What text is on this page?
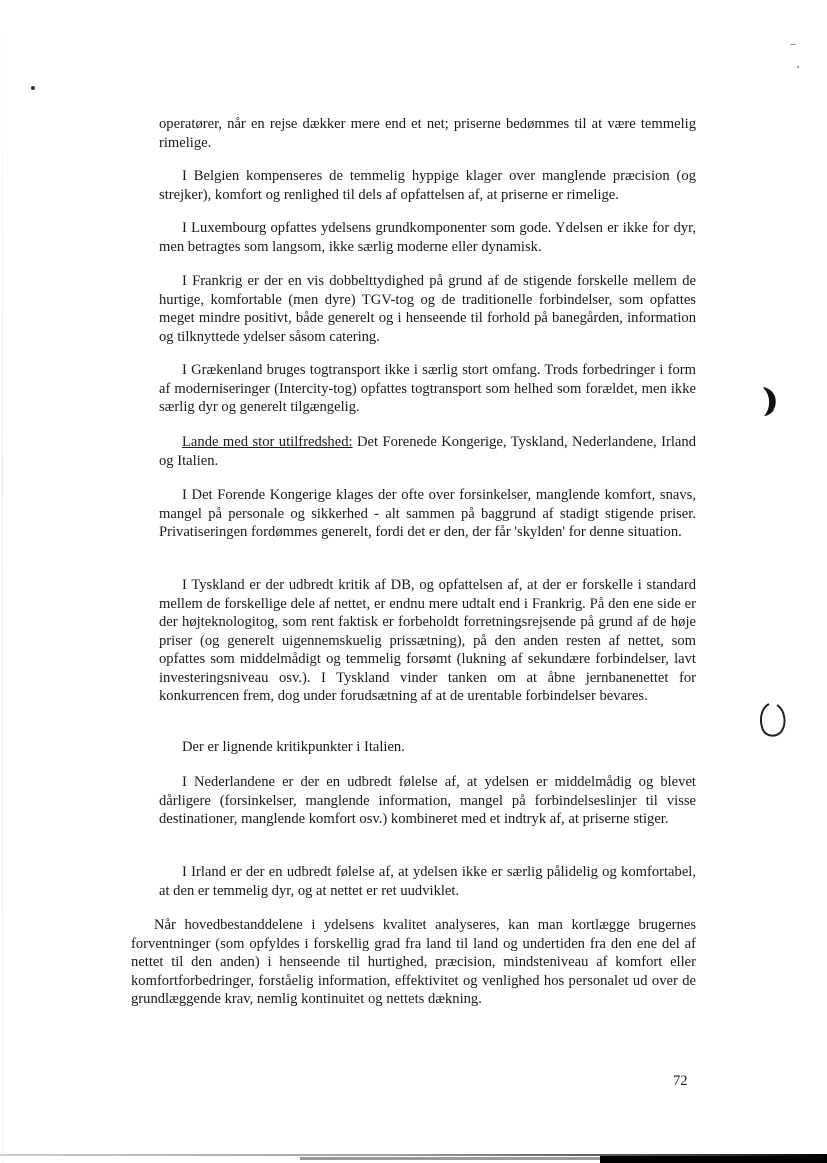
operatører, når en rejse dækker mere end et net; priserne bedømmes til at være temmelig rimelige.

I Belgien kompenseres de temmelig hyppige klager over manglende præcision (og strejker), komfort og renlighed til dels af opfattelsen af, at priserne er rimelige.

I Luxembourg opfattes ydelsens grundkomponenter som gode. Ydelsen er ikke for dyr, men betragtes som langsom, ikke særlig moderne eller dynamisk.

I Frankrig er der en vis dobbelttydighed på grund af de stigende forskelle mellem de hurtige, komfortable (men dyre) TGV-tog og de traditionelle forbindelser, som opfattes meget mindre positivt, både generelt og i henseende til forhold på banegården, information og tilknyttede ydelser såsom catering.

I Grækenland bruges togtransport ikke i særlig stort omfang. Trods forbedringer i form af moderniseringer (Intercity-tog) opfattes togtransport som helhed som forældet, men ikke særlig dyr og generelt tilgængelig.

Lande med stor utilfredshed: Det Forenede Kongerige, Tyskland, Nederlandene, Irland og Italien.

I Det Forende Kongerige klages der ofte over forsinkelser, manglende komfort, snavs, mangel på personale og sikkerhed - alt sammen på baggrund af stadigt stigende priser. Privatiseringen fordømmes generelt, fordi det er den, der får 'skylden' for denne situation.

I Tyskland er der udbredt kritik af DB, og opfattelsen af, at der er forskelle i standard mellem de forskellige dele af nettet, er endnu mere udtalt end i Frankrig. På den ene side er der højteknologitog, som rent faktisk er forbeholdt forretningsrejsende på grund af de høje priser (og generelt uigennemskuelig prissætning), på den anden resten af nettet, som opfattes som middelmådigt og temmelig forsømt (lukning af sekundære forbindelser, lavt investeringsniveau osv.). I Tyskland vinder tanken om at åbne jernbanenettet for konkurrencen frem, dog under forudsætning af at de urentable forbindelser bevares.

Der er lignende kritikpunkter i Italien.

I Nederlandene er der en udbredt følelse af, at ydelsen er middelmådig og blevet dårligere (forsinkelser, manglende information, mangel på forbindelseslinjer til visse destinationer, manglende komfort osv.) kombineret med et indtryk af, at priserne stiger.

I Irland er der en udbredt følelse af, at ydelsen ikke er særlig pålidelig og komfortabel, at den er temmelig dyr, og at nettet er ret uudviklet.

Når hovedbestanddelene i ydelsens kvalitet analyseres, kan man kortlægge brugernes forventninger (som opfyldes i forskellig grad fra land til land og undertiden fra den ene del af nettet til den anden) i henseende til hurtighed, præcision, mindsteniveau af komfort eller komfortforbedringer, forståelig information, effektivitet og venlighed hos personalet ud over de grundlæggende krav, nemlig kontinuitet og nettets dækning.

72
